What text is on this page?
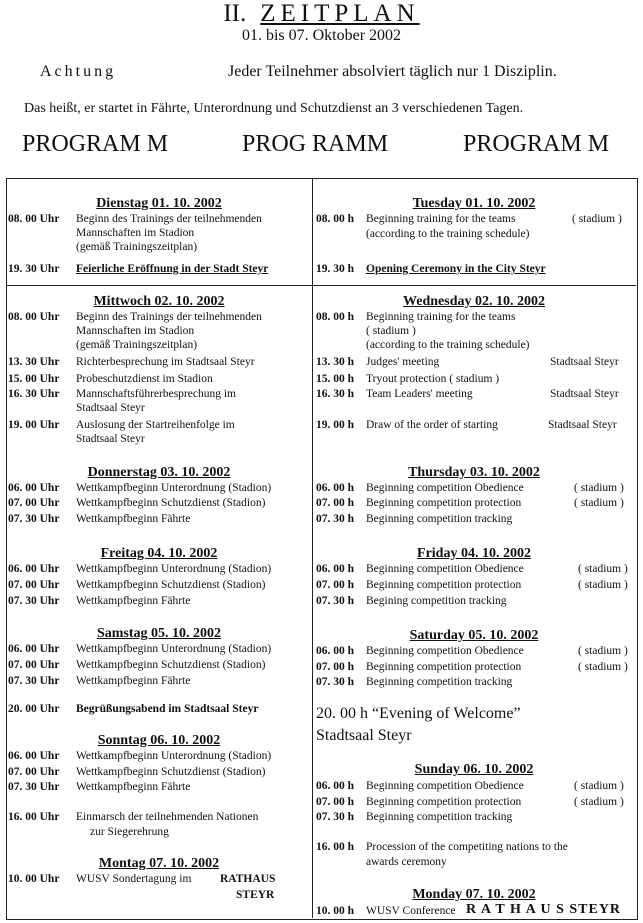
II. ZEITPLAN
01. bis 07. Oktober 2002
Achtung	Jeder Teilnehmer absolviert täglich nur 1 Disziplin.
Das heißt, er startet in Fährte, Unterordnung und Schutzdienst an 3 verschiedenen Tagen.
PROGRAM M	PROG RAMM	PROGRAM M
Dienstag 01. 10. 2002
08. 00 Uhr Beginn des Trainings der teilnehmenden
Mannschaften im Stadion
(gemäß Trainingszeitplan)
19. 30 Uhr Feierliche Eröffnung in der Stadt Steyr
Mittwoch 02. 10. 2002
08. 00 Uhr Beginn des Trainings der teilnehmenden
Mannschaften im Stadion
(gemäß Trainingszeitplan)
13. 30 Uhr Richterbesprechung im Stadtsaal Steyr
15. 00 Uhr Probeschutzdienst im Stadion
16. 30 Uhr Mannschaftsführerbesprechung im
Stadtsaal Steyr
19. 00 Uhr Auslosung der Startreihenfolge im
Stadtsaal Steyr
Donnerstag 03. 10. 2002
06. 00 Uhr Wettkampfbeginn Unterordnung (Stadion)
07. 00 Uhr Wettkampfbeginn Schutzdienst (Stadion)
07. 30 Uhr Wettkampfbeginn Fährte
Freitag 04. 10. 2002
06. 00 Uhr Wettkampfbeginn Unterordnung (Stadion)
07. 00 Uhr Wettkampfbeginn Schutzdienst (Stadion)
07. 30 Uhr Wettkampfbeginn Fährte
Samstag 05. 10. 2002
06. 00 Uhr Wettkampfbeginn Unterordnung (Stadion)
07. 00 Uhr Wettkampfbeginn Schutzdienst (Stadion)
07. 30 Uhr Wettkampfbeginn Fährte
20. 00 Uhr Begrüßungsabend im Stadtsaal Steyr
Sonntag 06. 10. 2002
06. 00 Uhr Wettkampfbeginn Unterordnung (Stadion)
07. 00 Uhr Wettkampfbeginn Schutzdienst (Stadion)
07. 30 Uhr Wettkampfbeginn Fährte
16. 00 Uhr Einmarsch der teilnehmenden Nationen
zur Siegerehrung
Montag 07. 10. 2002
10. 00 Uhr WUSV Sondertagung im RATHAUS
STEYR
Tuesday 01. 10. 2002
08. 00 h Beginning training for the teams	( stadium )
(according to the training schedule)
19. 30 h Opening Ceremony in the City Steyr
Wednesday 02. 10. 2002
08. 00 h Beginning training for the teams
( stadium )
(according to the training schedule)
13. 30 h Judges' meeting	Stadtsaal Steyr
15. 00 h Tryout protection ( stadium )
16. 30 h Team Leaders' meeting	Stadtsaal Steyr
19. 00 h Draw of the order of starting	Stadtsaal Steyr
Thursday 03. 10. 2002
06. 00 h Beginning competition Obedience	( stadium )
07. 00 h Beginning competition protection	( stadium )
07. 30 h Beginning competition tracking
Friday 04. 10. 2002
06. 00 h Beginning competition Obedience	( stadium )
07. 00 h Beginning competition protection	( stadium )
07. 30 h Begining competition tracking
Saturday 05. 10. 2002
06. 00 h Beginning competition Obedience	( stadium )
07. 00 h Beginning competition protection	( stadium )
07. 30 h Beginning competition tracking
20. 00 h “Evening of Welcome”
Stadtsaal Steyr
Sunday 06. 10. 2002
06. 00 h Beginning competition Obedience	( stadium )
07. 00 h Beginning competition protection	( stadium )
07. 30 h Beginning competition tracking
16. 00 h Procession of the competiting nations to the
awards ceremony
Monday 07. 10. 2002
10. 00 h WUSV Conference R A T H A U S STEYR
